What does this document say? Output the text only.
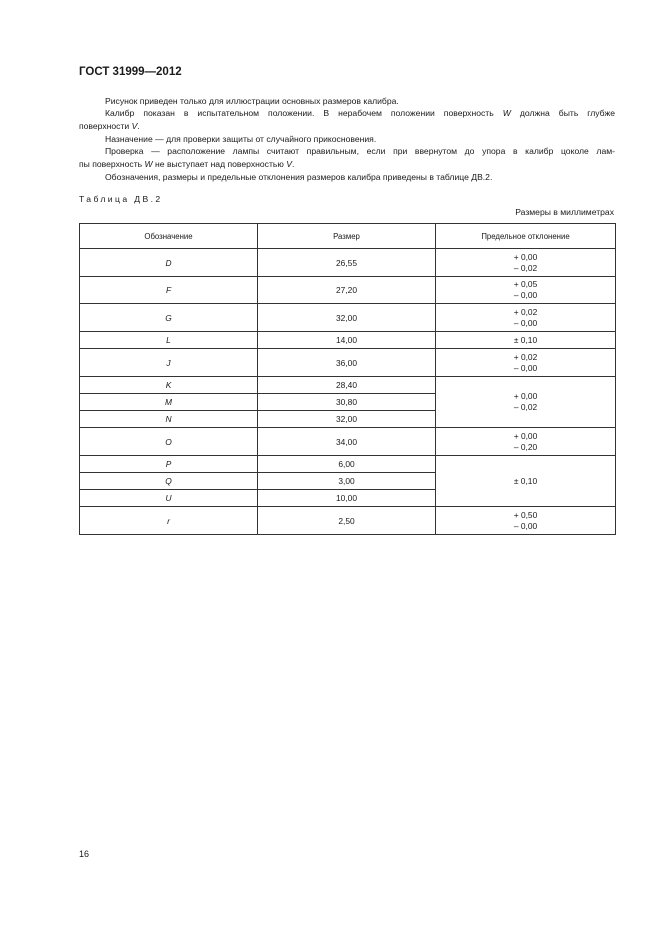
ГОСТ 31999—2012
Рисунок приведен только для иллюстрации основных размеров калибра.
Калибр показан в испытательном положении. В нерабочем положении поверхность W должна быть глубже
поверхности V.
Назначение — для проверки защиты от случайного прикосновения.
Проверка — расположение лампы считают правильным, если при ввернутом до упора в калибр цоколе лам-
пы поверхность W не выступает над поверхностью V.
Обозначения, размеры и предельные отклонения размеров калибра приведены в таблице ДВ.2.
Таблица ДВ.2
Размеры в миллиметрах
Обозначение	Размер	Предельное отклонение
D	26,55	+ 0,00
– 0,02

F	27,20	+ 0,05
– 0,00

G	32,00	+ 0,02
– 0,00

L	14,00	± 0,10
J	36,00	+ 0,02
– 0,00

K	28,40	+ 0,00
– 0,02

M	30,80	
N	32,00	
O	34,00	+ 0,00
– 0,20

P	6,00	± 0,10
Q	3,00	
U	10,00	
r	2,50	+ 0,50
– 0,00
16
